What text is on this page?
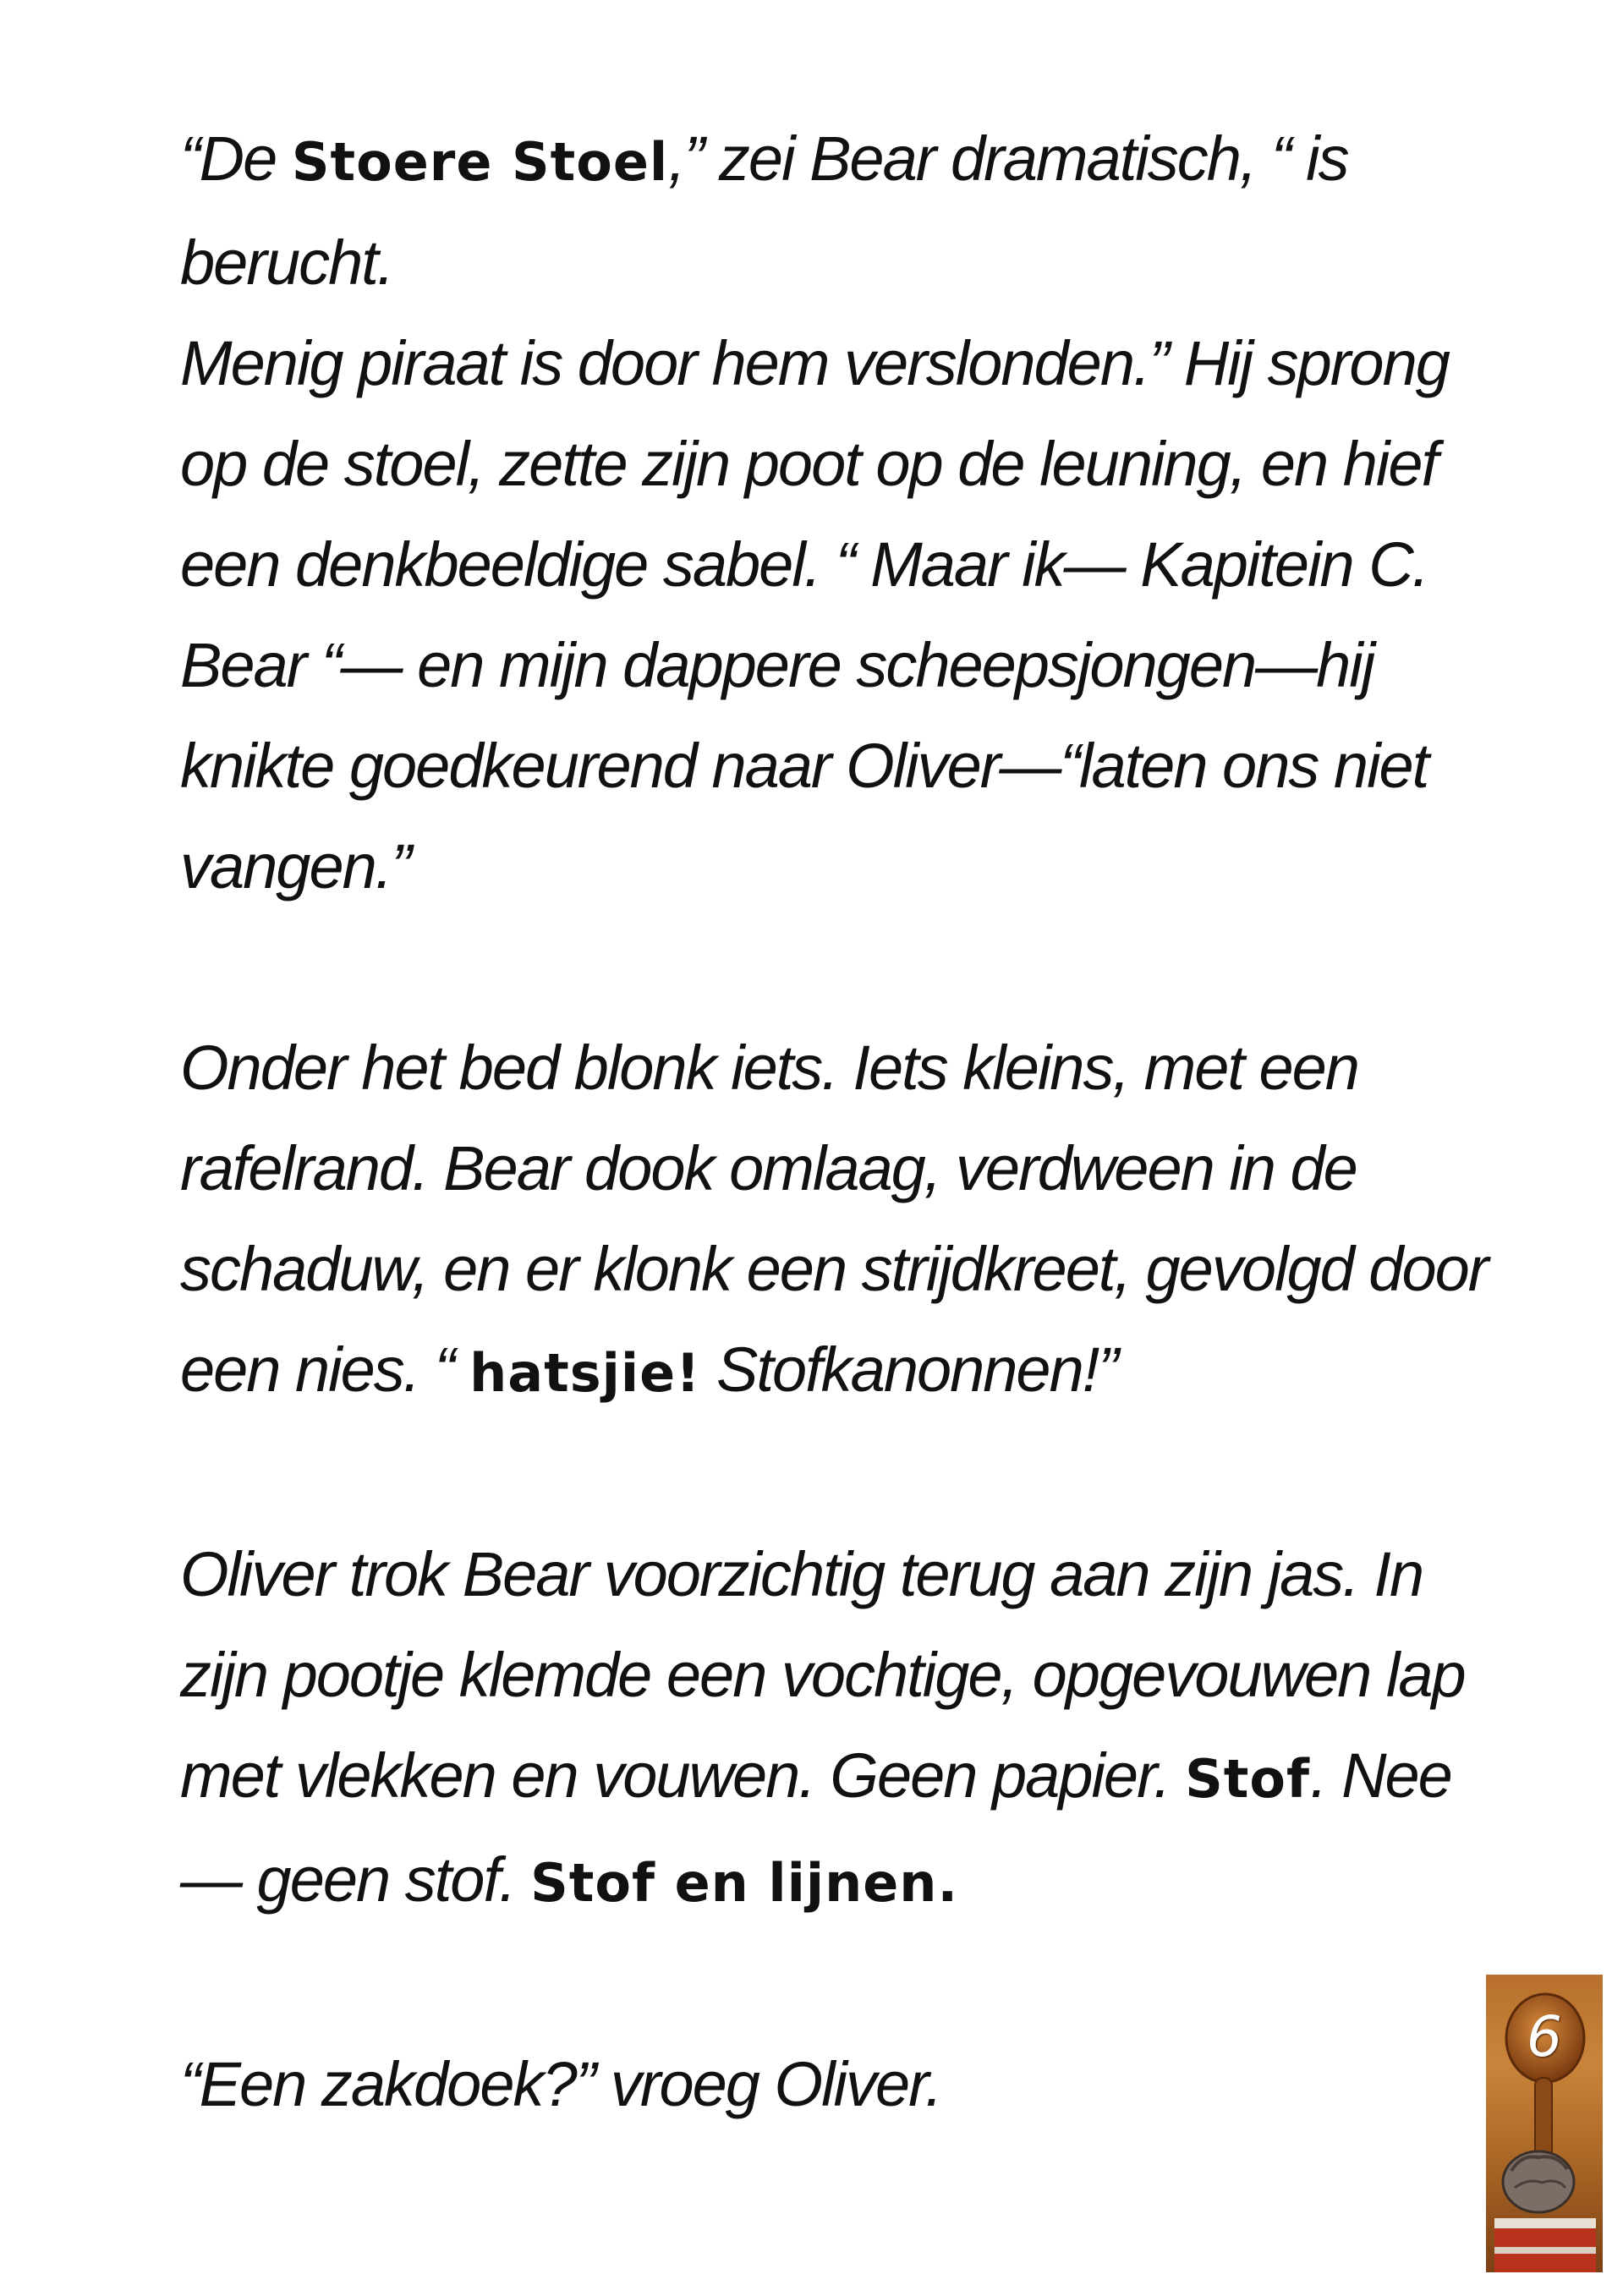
“De Stoere Stoel,” zei Bear dramatisch, “ is berucht.
Menig piraat is door hem verslonden.” Hij sprong op de stoel, zette zijn poot op de leuning, en hief een denkbeeldige sabel. “ Maar ik— Kapitein C. Bear “— en mijn dappere scheepsjongen—hij knikte goedkeurend naar Oliver—“laten ons niet vangen.”

Onder het bed blonk iets. Iets kleins, met een rafelrand. Bear dook omlaag, verdween in de schaduw, en er klonk een strijdkreet, gevolgd door een nies. “ hatsjie! Stofkanonnen!”

Oliver trok Bear voorzichtig terug aan zijn jas. In zijn pootje klemde een vochtige, opgevouwen lap met vlekken en vouwen. Geen papier. Stof. Nee — geen stof. Stof en lijnen.

“Een zakdoek?” vroeg Oliver.

6
